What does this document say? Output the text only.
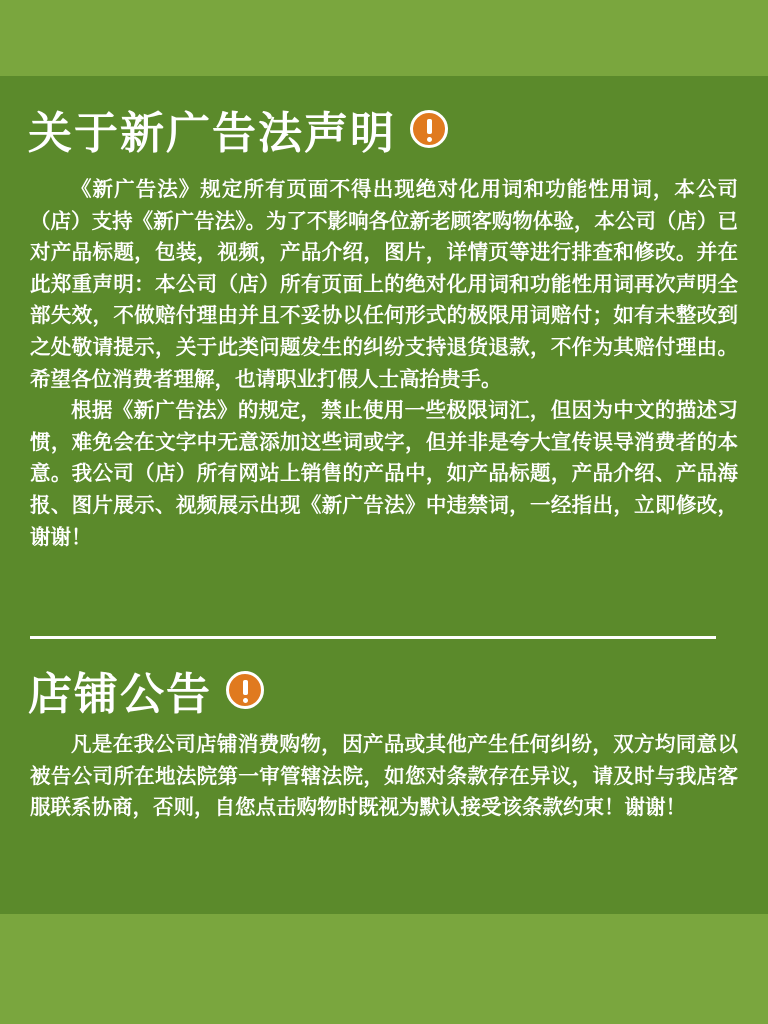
关于新广告法声明

《新广告法》规定所有页面不得出现绝对化用词和功能性用词，本公司（店）支持《新广告法》。为了不影响各位新老顾客购物体验，本公司（店）已对产品标题，包装，视频，产品介绍，图片，详情页等进行排查和修改。并在此郑重声明：本公司（店）所有页面上的绝对化用词和功能性用词再次声明全部失效，不做赔付理由并且不妥协以任何形式的极限用词赔付；如有未整改到之处敬请提示，关于此类问题发生的纠纷支持退货退款，不作为其赔付理由。希望各位消费者理解，也请职业打假人士高抬贵手。

根据《新广告法》的规定，禁止使用一些极限词汇，但因为中文的描述习惯，难免会在文字中无意添加这些词或字，但并非是夸大宣传误导消费者的本意。我公司（店）所有网站上销售的产品中，如产品标题，产品介绍、产品海报、图片展示、视频展示出现《新广告法》中违禁词，一经指出，立即修改，谢谢！

店铺公告

凡是在我公司店铺消费购物，因产品或其他产生任何纠纷，双方均同意以被告公司所在地法院第一审管辖法院，如您对条款存在异议，请及时与我店客服联系协商，否则，自您点击购物时既视为默认接受该条款约束！谢谢！
